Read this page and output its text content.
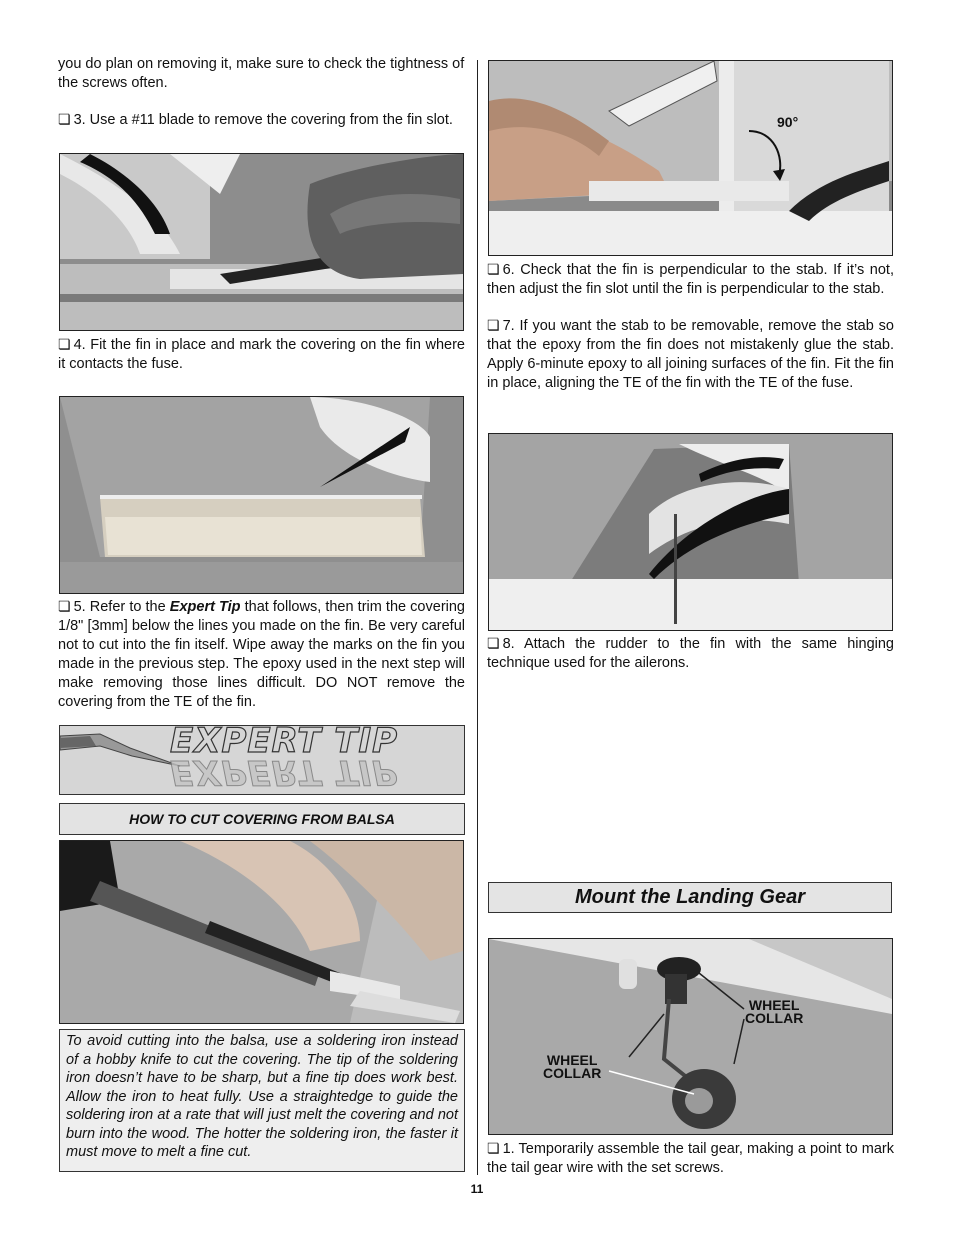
you do plan on removing it, make sure to check the tightness of the screws often.
❏ 3. Use a #11 blade to remove the covering from the fin slot.
❏ 4. Fit the fin in place and mark the covering on the fin where it contacts the fuse.
❏ 5. Refer to the Expert Tip that follows, then trim the covering 1/8" [3mm] below the lines you made on the fin. Be very careful not to cut into the fin itself. Wipe away the marks on the fin you made in the previous step. The epoxy used in the next step will make removing those lines difficult. DO NOT remove the covering from the TE of the fin.
EXPERT TIP
EXPERT TIP
HOW TO CUT COVERING FROM BALSA
To avoid cutting into the balsa, use a soldering iron instead of a hobby knife to cut the covering. The tip of the soldering iron doesn’t have to be sharp, but a fine tip does work best. Allow the iron to heat fully. Use a straightedge to guide the soldering iron at a rate that will just melt the covering and not burn into the wood. The hotter the soldering iron, the faster it must move to melt a fine cut.
90°
❏ 6. Check that the fin is perpendicular to the stab. If it’s not, then adjust the fin slot until the fin is perpendicular to the stab.
❏ 7. If you want the stab to be removable, remove the stab so that the epoxy from the fin does not mistakenly glue the stab. Apply 6-minute epoxy to all joining surfaces of the fin. Fit the fin in place, aligning the TE of the fin with the TE of the fuse.
❏ 8. Attach the rudder to the fin with the same hinging technique used for the ailerons.
Mount the Landing Gear
WHEEL
COLLAR
WHEEL
COLLAR
❏ 1. Temporarily assemble the tail gear, making a point to mark the tail gear wire with the set screws.
11
